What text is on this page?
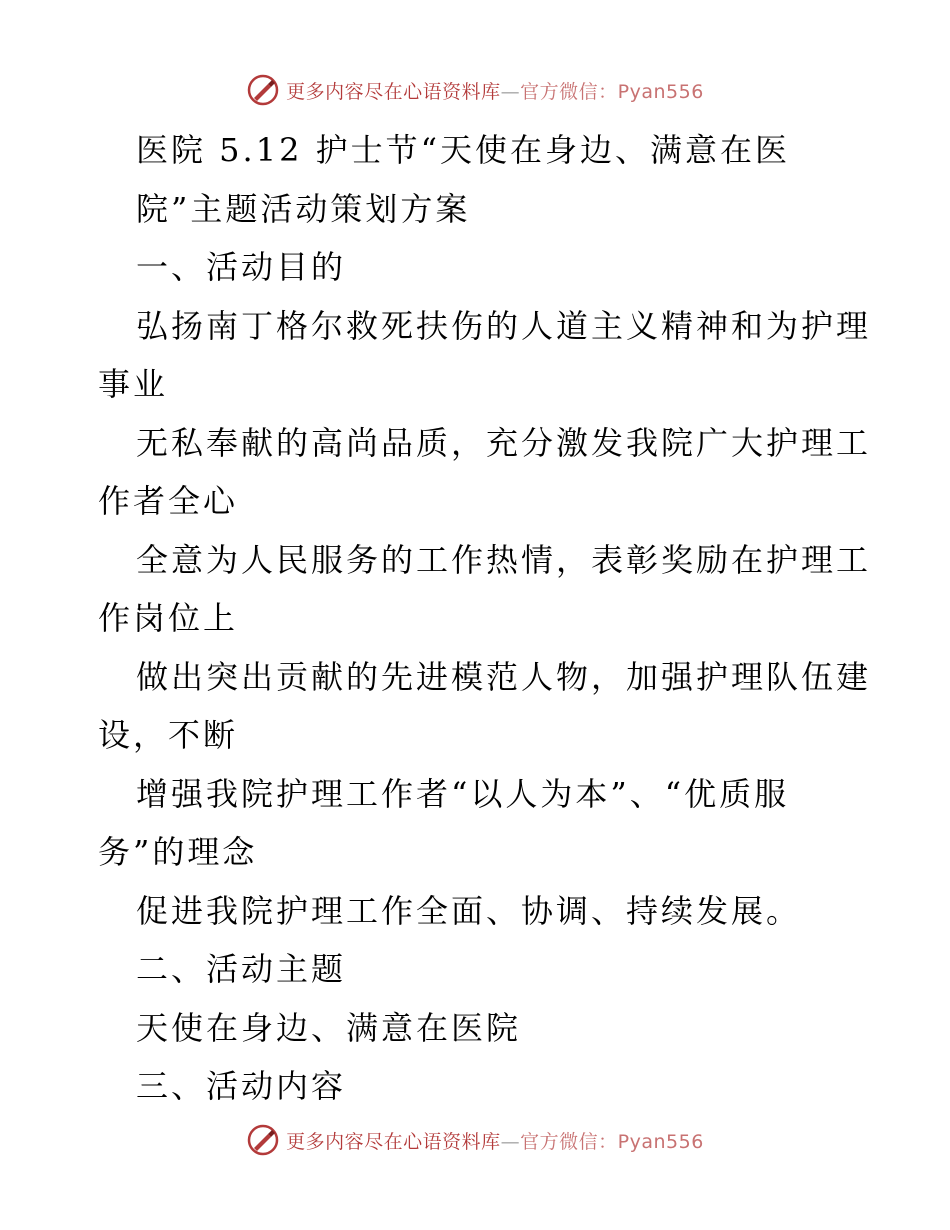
更多内容尽在心语资料库—官方微信：Pyan556
医院 5.12 护士节“天使在身边、满意在医
院”主题活动策划方案
一、活动目的
弘扬南丁格尔救死扶伤的人道主义精神和为护理
事业
无私奉献的高尚品质，充分激发我院广大护理工
作者全心
全意为人民服务的工作热情，表彰奖励在护理工
作岗位上
做出突出贡献的先进模范人物，加强护理队伍建
设，不断
增强我院护理工作者“以人为本”、“优质服
务”的理念
促进我院护理工作全面、协调、持续发展。
二、活动主题
天使在身边、满意在医院
三、活动内容
更多内容尽在心语资料库—官方微信：Pyan556
